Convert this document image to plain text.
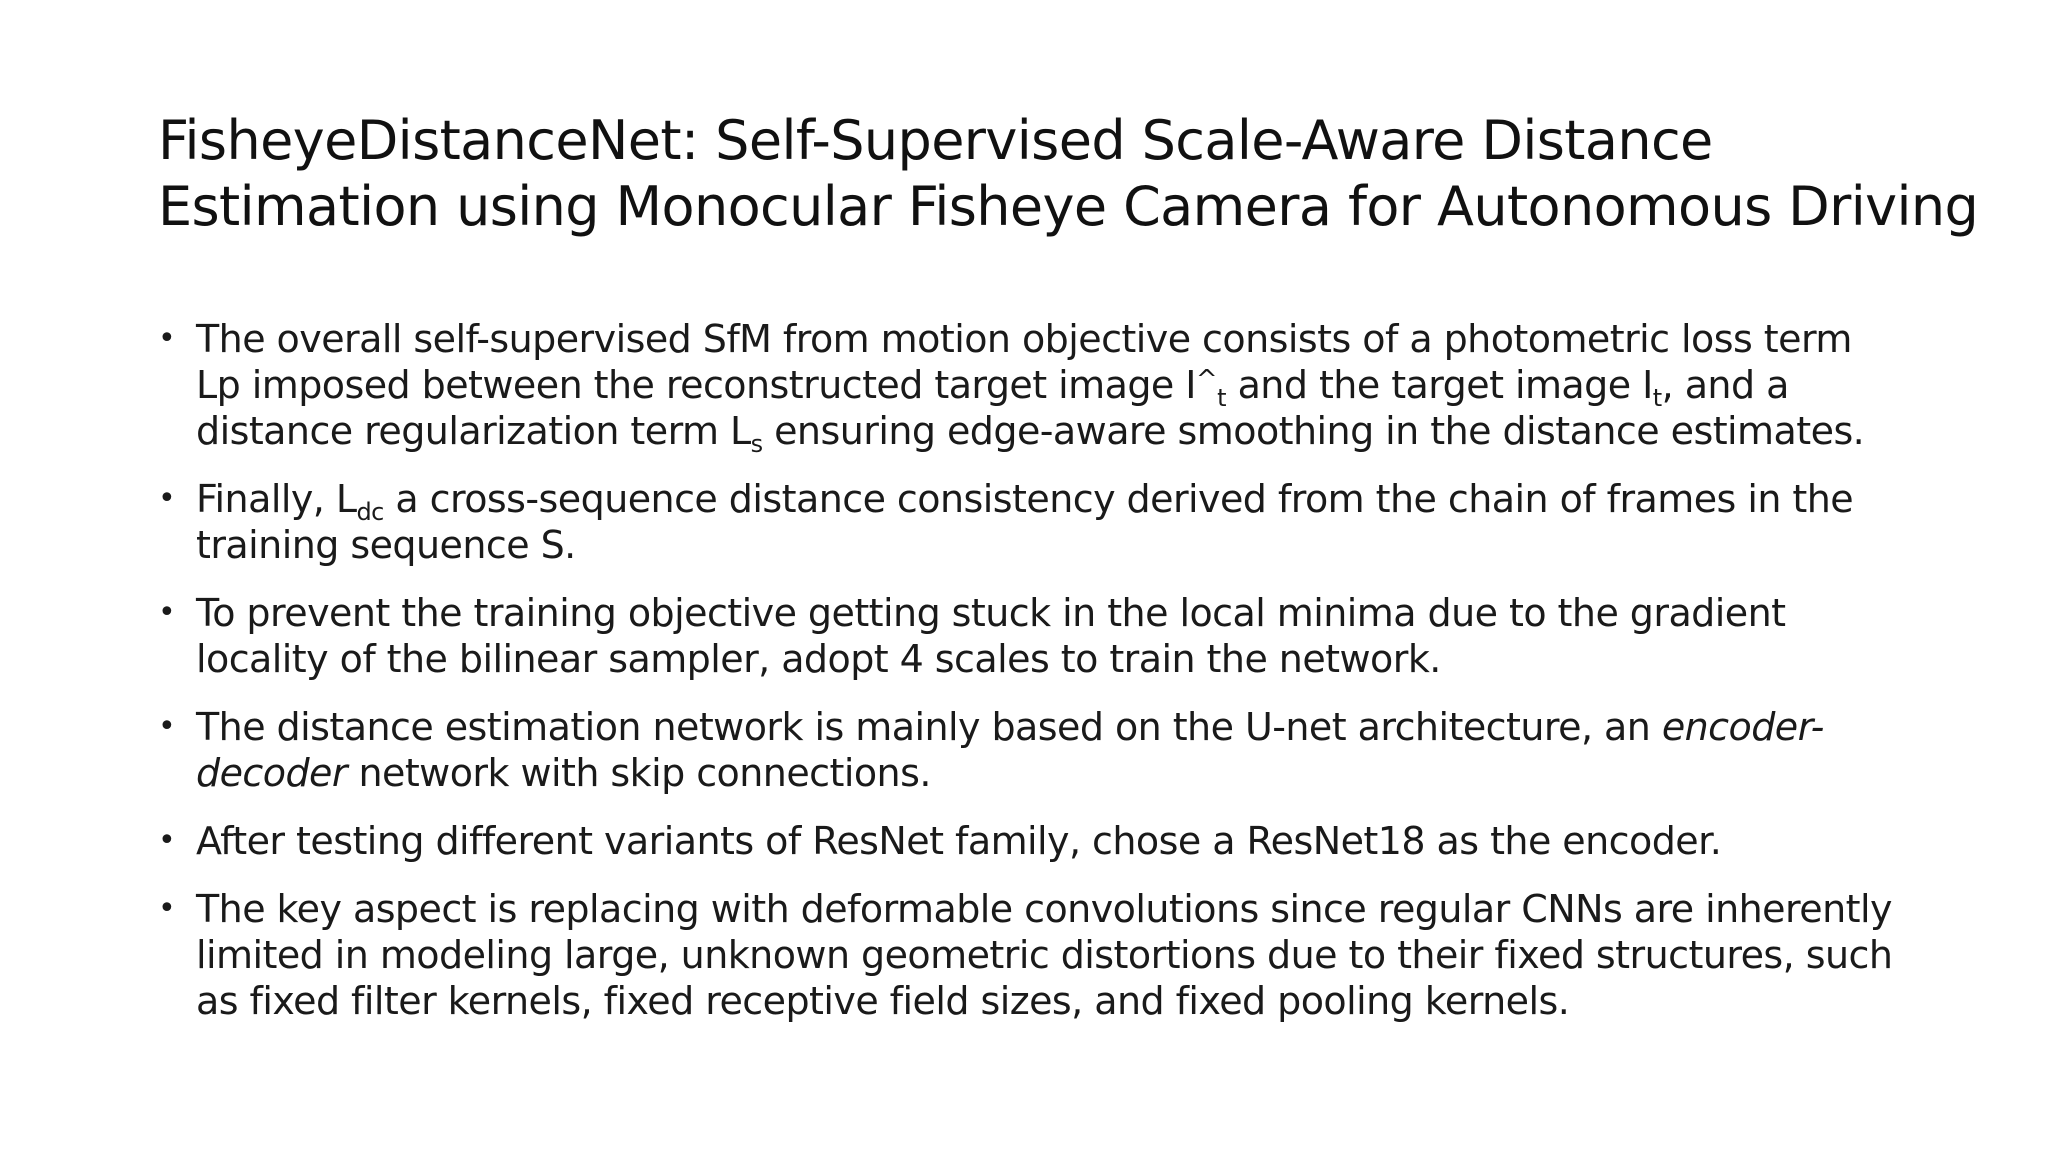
FisheyeDistanceNet: Self-Supervised Scale-Aware Distance
Estimation using Monocular Fisheye Camera for Autonomous Driving
• The overall self-supervised SfM from motion objective consists of a photometric loss term
Lp imposed between the reconstructed target image $I^{\^{}}_t$ and the target image $I_t$, and a
distance regularization term $L_s$ ensuring edge-aware smoothing in the distance estimates.
• Finally, $L_{dc}$ a cross-sequence distance consistency derived from the chain of frames in the
training sequence S.
• To prevent the training objective getting stuck in the local minima due to the gradient
locality of the bilinear sampler, adopt 4 scales to train the network.
• The distance estimation network is mainly based on the U-net architecture, an encoder-
decoder network with skip connections.
• After testing different variants of ResNet family, chose a ResNet18 as the encoder.
• The key aspect is replacing with deformable convolutions since regular CNNs are inherently
limited in modeling large, unknown geometric distortions due to their fixed structures, such
as fixed filter kernels, fixed receptive field sizes, and fixed pooling kernels.
